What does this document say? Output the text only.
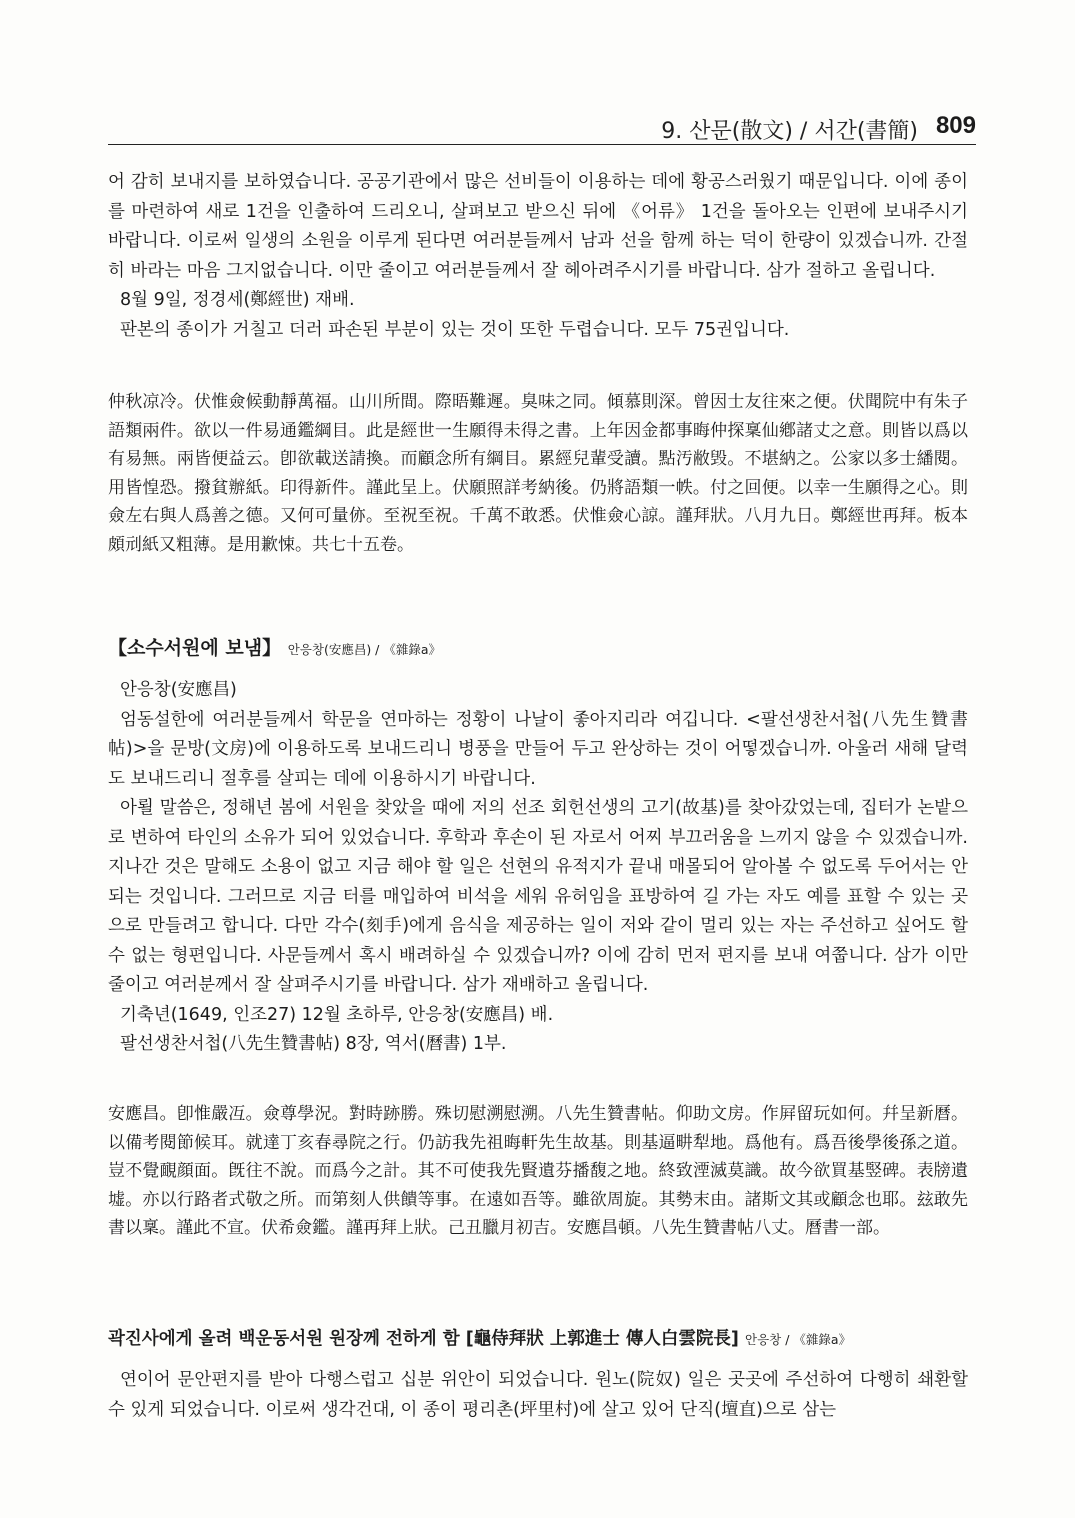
9. 산문(散文) / 서간(書簡) 809

어 감히 보내지를 보하였습니다. 공공기관에서 많은 선비들이 이용하는 데에 황공스러웠기 때문입니다. 이에 종이를 마련하여 새로 1건을 인출하여 드리오니, 살펴보고 받으신 뒤에 《어류》 1건을 돌아오는 인편에 보내주시기 바랍니다. 이로써 일생의 소원을 이루게 된다면 여러분들께서 남과 선을 함께 하는 덕이 한량이 있겠습니까. 간절히 바라는 마음 그지없습니다. 이만 줄이고 여러분들께서 잘 헤아려주시기를 바랍니다. 삼가 절하고 올립니다.

8월 9일, 정경세(鄭經世) 재배.

판본의 종이가 거칠고 더러 파손된 부분이 있는 것이 또한 두렵습니다. 모두 75권입니다.

仲秋凉冷。伏惟僉候動靜萬福。山川所間。際晤難遲。臭味之同。傾慕則深。曾因士友往來之便。伏聞院中有朱子語類兩件。欲以一件易通鑑綱目。此是經世一生願得未得之書。上年因金都事晦仲探稟仙鄕諸丈之意。則皆以爲以有易無。兩皆便益云。卽欲載送請換。而顧念所有綱目。累經兒輩受讀。點汚敝毁。不堪納之。公家以多士繙閱。用皆惶恐。撥貧辦紙。印得新件。謹此呈上。伏願照詳考納後。仍將語類一帙。付之回便。以幸一生願得之心。則僉左右與人爲善之德。又何可量㑊。至祝至祝。千萬不敢悉。伏惟僉心諒。謹拜狀。八月九日。鄭經世再拜。板本頗刓紙又粗薄。是用歉悚。共七十五卷。

【소수서원에 보냄】 안응창(安應昌) / 《雜錄a》

안응창(安應昌)

엄동설한에 여러분들께서 학문을 연마하는 정황이 나날이 좋아지리라 여깁니다. <팔선생찬서첩(八先生贊書帖)>을 문방(文房)에 이용하도록 보내드리니 병풍을 만들어 두고 완상하는 것이 어떻겠습니까. 아울러 새해 달력도 보내드리니 절후를 살피는 데에 이용하시기 바랍니다.

아뢸 말씀은, 정해년 봄에 서원을 찾았을 때에 저의 선조 회헌선생의 고기(故基)를 찾아갔었는데, 집터가 논밭으로 변하여 타인의 소유가 되어 있었습니다. 후학과 후손이 된 자로서 어찌 부끄러움을 느끼지 않을 수 있겠습니까. 지나간 것은 말해도 소용이 없고 지금 해야 할 일은 선현의 유적지가 끝내 매몰되어 알아볼 수 없도록 두어서는 안 되는 것입니다. 그러므로 지금 터를 매입하여 비석을 세워 유허임을 표방하여 길 가는 자도 예를 표할 수 있는 곳으로 만들려고 합니다. 다만 각수(刻手)에게 음식을 제공하는 일이 저와 같이 멀리 있는 자는 주선하고 싶어도 할 수 없는 형편입니다. 사문들께서 혹시 배려하실 수 있겠습니까? 이에 감히 먼저 편지를 보내 여쭙니다. 삼가 이만 줄이고 여러분께서 잘 살펴주시기를 바랍니다. 삼가 재배하고 올립니다.

기축년(1649, 인조27) 12월 초하루, 안응창(安應昌) 배.

팔선생찬서첩(八先生贊書帖) 8장, 역서(曆書) 1부.

安應昌。卽惟嚴冱。僉尊學況。對時跡勝。殊切慰溯慰溯。八先生贊書帖。仰助文房。作屛留玩如何。幷呈新曆。以備考閱節候耳。就達丁亥春尋院之行。仍訪我先祖晦軒先生故基。則基逼畊犁地。爲他有。爲吾後學後孫之道。豈不覺靦顔面。旣往不說。而爲今之計。其不可使我先賢遺芬播馥之地。終致湮滅莫識。故今欲買基竪碑。表牓遺墟。亦以行路者式敬之所。而第刻人供饋等事。在遠如吾等。雖欲周旋。其勢末由。諸斯文其或顧念也耶。玆敢先書以稟。謹此不宣。伏希僉鑑。謹再拜上狀。己丑臘月初吉。安應昌頓。八先生贊書帖八丈。曆書一部。

곽진사에게 올려 백운동서원 원장께 전하게 함 [龜侍拜狀 上郭進士 傳人白雲院長] 안응창 / 《雜錄a》

연이어 문안편지를 받아 다행스럽고 십분 위안이 되었습니다. 원노(院奴) 일은 곳곳에 주선하여 다행히 쇄환할 수 있게 되었습니다. 이로써 생각건대, 이 종이 평리촌(坪里村)에 살고 있어 단직(壇直)으로 삼는
